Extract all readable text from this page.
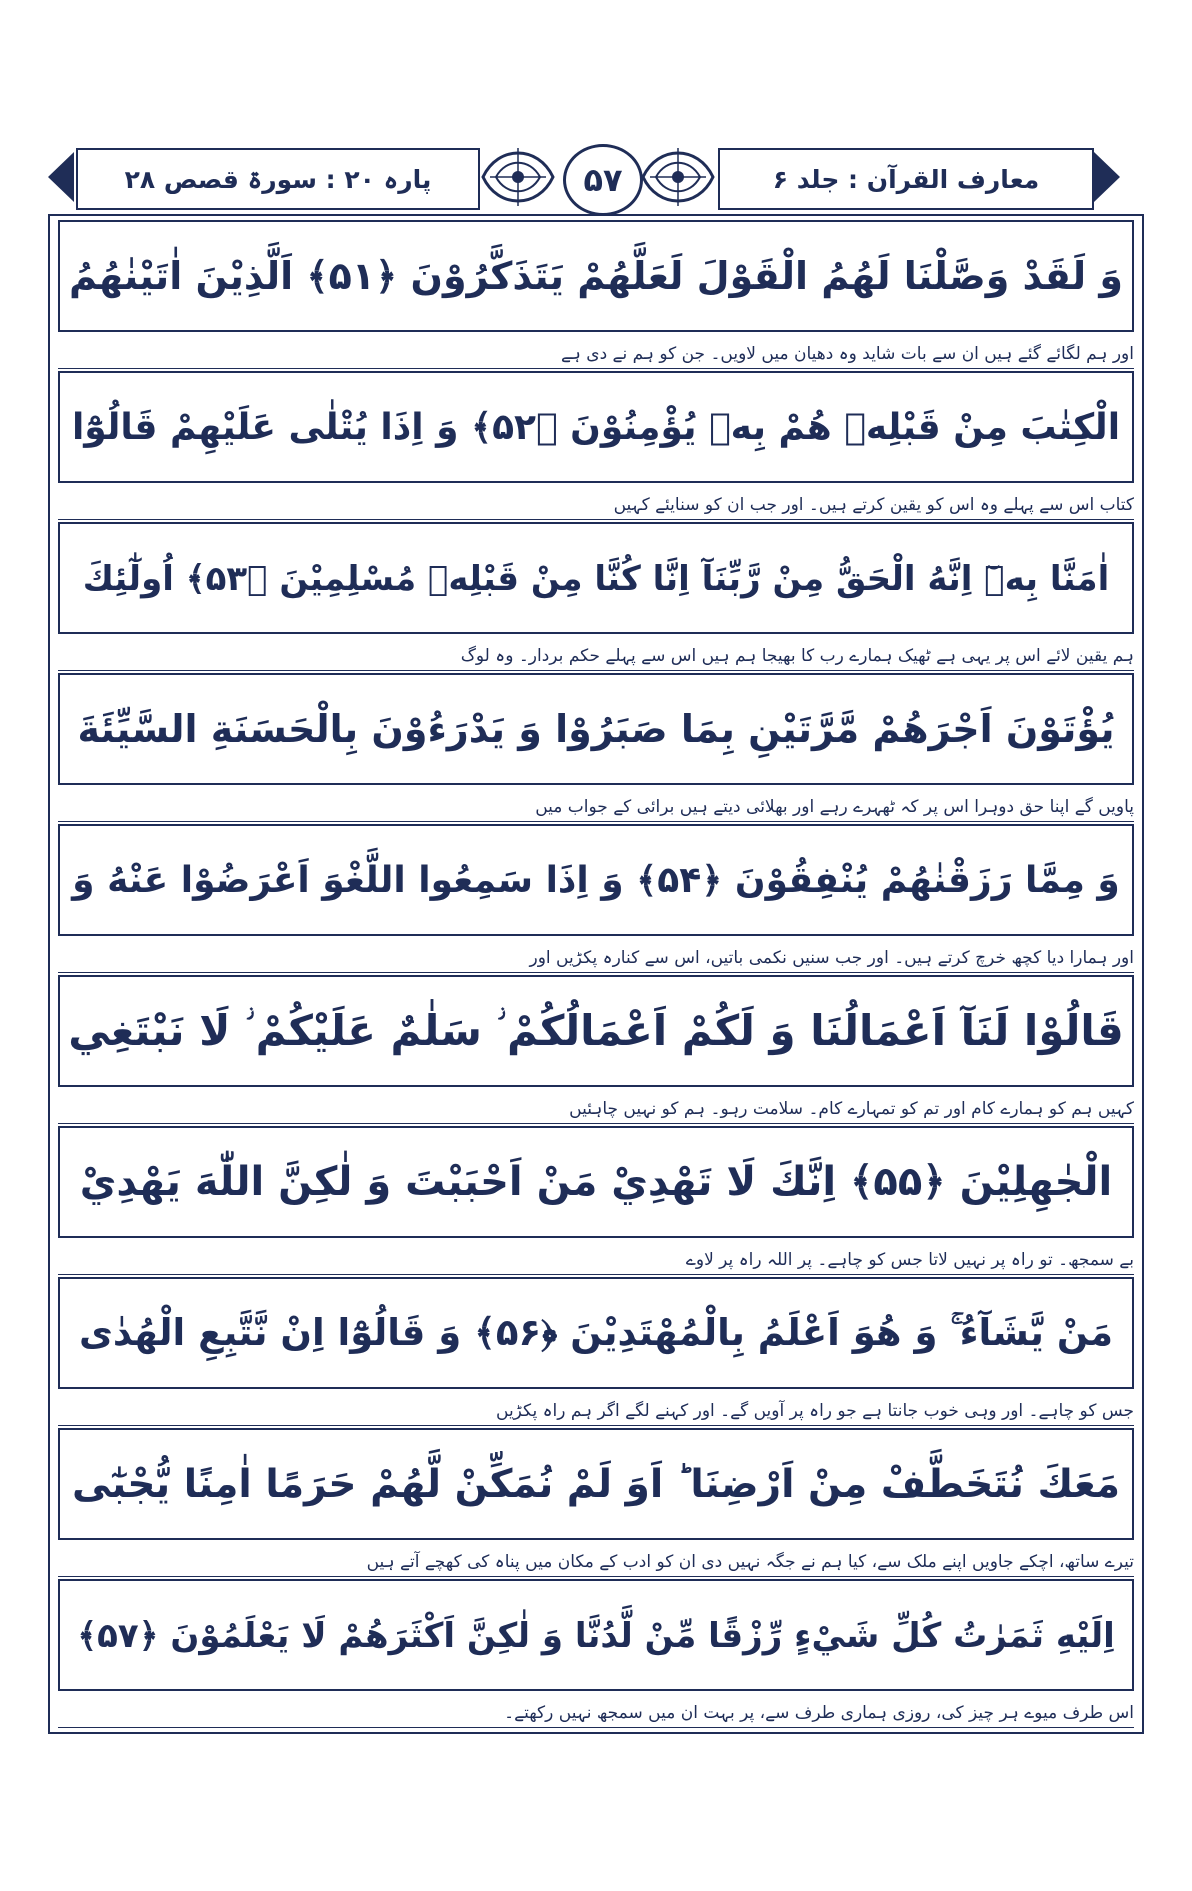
پارہ ۲۰ : سورۃ قصص ۲۸	۵۷	معارف القرآن : جلد ۶
وَ لَقَدْ وَصَّلْنَا لَهُمُ الْقَوْلَ لَعَلَّهُمْ يَتَذَكَّرُوْنَ ﴿۵۱﴾ اَلَّذِيْنَ اٰتَيْنٰهُمُ
اور ہم لگائے گئے ہیں ان سے بات شاید وہ دھیان میں لاویں۔ جن کو ہم نے دی ہے
الْكِتٰبَ مِنْ قَبْلِهٖ هُمْ بِهٖ يُؤْمِنُوْنَ ﴿۵۲﴾ وَ اِذَا يُتْلٰى عَلَيْهِمْ قَالُوْٓا
کتاب اس سے پہلے وہ اس کو یقین کرتے ہیں۔ اور جب ان کو سنایئے کہیں
اٰمَنَّا بِهٖٓ اِنَّهُ الْحَقُّ مِنْ رَّبِّنَآ اِنَّا كُنَّا مِنْ قَبْلِهٖ مُسْلِمِيْنَ ﴿۵۳﴾ اُولٰٓئِكَ
ہم یقین لائے اس پر یہی ہے ٹھیک ہمارے رب کا بھیجا ہم ہیں اس سے پہلے حکم بردار۔ وہ لوگ
يُؤْتَوْنَ اَجْرَهُمْ مَّرَّتَيْنِ بِمَا صَبَرُوْا وَ يَدْرَءُوْنَ بِالْحَسَنَةِ السَّيِّئَةَ
پاویں گے اپنا حق دوہرا اس پر کہ ٹھہرے رہے اور بھلائی دیتے ہیں برائی کے جواب میں
وَ مِمَّا رَزَقْنٰهُمْ يُنْفِقُوْنَ ﴿۵۴﴾ وَ اِذَا سَمِعُوا اللَّغْوَ اَعْرَضُوْا عَنْهُ وَ
اور ہمارا دیا کچھ خرچ کرتے ہیں۔ اور جب سنیں نکمی باتیں، اس سے کنارہ پکڑیں اور
قَالُوْا لَنَآ اَعْمَالُنَا وَ لَكُمْ اَعْمَالُكُمْ ؗ سَلٰمٌ عَلَيْكُمْ ؗ لَا نَبْتَغِي
کہیں ہم کو ہمارے کام اور تم کو تمہارے کام۔ سلامت رہو۔ ہم کو نہیں چاہئیں
الْجٰهِلِيْنَ ﴿۵۵﴾ اِنَّكَ لَا تَهْدِيْ مَنْ اَحْبَبْتَ وَ لٰكِنَّ اللّٰهَ يَهْدِيْ
بے سمجھ۔ تو راہ پر نہیں لاتا جس کو چاہے۔ پر اللہ راہ پر لاوے
مَنْ يَّشَآءُ ۚ وَ هُوَ اَعْلَمُ بِالْمُهْتَدِيْنَ ﴿۵۶﴾ وَ قَالُوْٓا اِنْ نَّتَّبِعِ الْهُدٰى
جس کو چاہے۔ اور وہی خوب جانتا ہے جو راہ پر آویں گے۔ اور کہنے لگے اگر ہم راہ پکڑیں
مَعَكَ نُتَخَطَّفْ مِنْ اَرْضِنَا ؕ اَوَ لَمْ نُمَكِّنْ لَّهُمْ حَرَمًا اٰمِنًا يُّجْبٰٓى
تیرے ساتھ، اچکے جاویں اپنے ملک سے، کیا ہم نے جگہ نہیں دی ان کو ادب کے مکان میں پناہ کی کھچے آتے ہیں
اِلَيْهِ ثَمَرٰتُ كُلِّ شَيْءٍ رِّزْقًا مِّنْ لَّدُنَّا وَ لٰكِنَّ اَكْثَرَهُمْ لَا يَعْلَمُوْنَ ﴿۵۷﴾
اس طرف میوے ہر چیز کی، روزی ہماری طرف سے، پر بہت ان میں سمجھ نہیں رکھتے۔
